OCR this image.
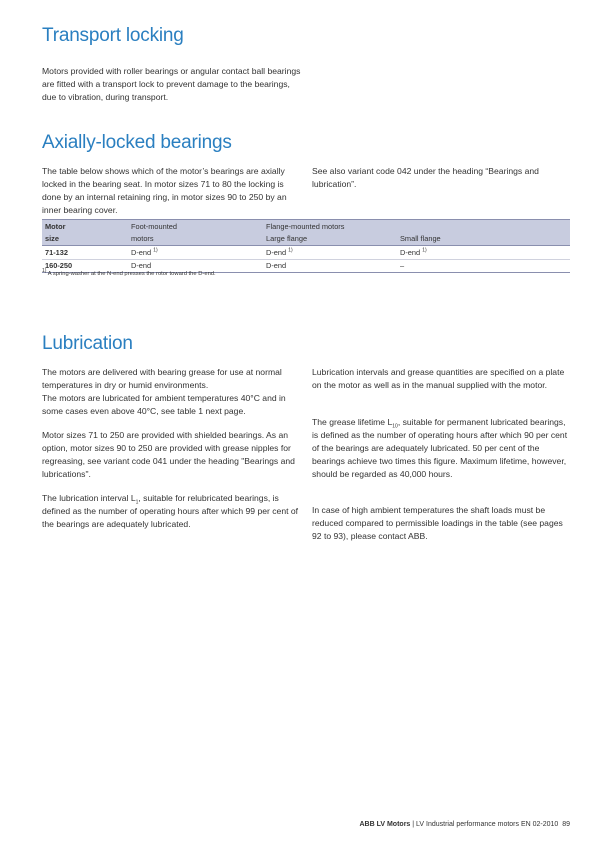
Transport locking

Motors provided with roller bearings or angular contact ball bearings are fitted with a transport lock to prevent damage to the bearings, due to vibration, during transport.

Axially-locked bearings

The table below shows which of the motor’s bearings are axially locked in the bearing seat. In motor sizes 71 to 80 the locking is done by an internal retaining ring, in motor sizes 90 to 250 by an inner bearing cover.

See also variant code 042 under the heading “Bearings and lubrication”.

Motor	Foot-mounted	Flange-mounted motors	
size	motors	Large flange	Small flange
71-132	D-end $^{1)}$	D-end $^{1)}$	D-end $^{1)}$
160-250	D-end	D-end	–

$^{1)}$ A spring-washer at the N-end presses the rotor toward the D-end.

Lubrication

The motors are delivered with bearing grease for use at normal temperatures in dry or humid environments.

The motors are lubricated for ambient temperatures 40°C and in some cases even above 40°C, see table 1 next page.

Motor sizes 71 to 250 are provided with shielded bearings. As an option, motor sizes 90 to 250 are provided with grease nipples for regreasing, see variant code 041 under the heading "Bearings and lubrications".

The lubrication interval $L_1$, suitable for relubricated bearings, is defined as the number of operating hours after which 99 per cent of the bearings are adequately lubricated.

Lubrication intervals and grease quantities are specified on a plate on the motor as well as in the manual supplied with the motor.

The grease lifetime $L_{10}$, suitable for permanent lubricated bearings, is defined as the number of operating hours after which 90 per cent of the bearings are adequately lubricated. 50 per cent of the bearings achieve two times this figure. Maximum lifetime, however, should be regarded as 40,000 hours.

In case of high ambient temperatures the shaft loads must be reduced compared to permissible loadings in the table (see pages 92 to 93), please contact ABB.

ABB LV Motors | LV Industrial performance motors EN 02-2010 89
